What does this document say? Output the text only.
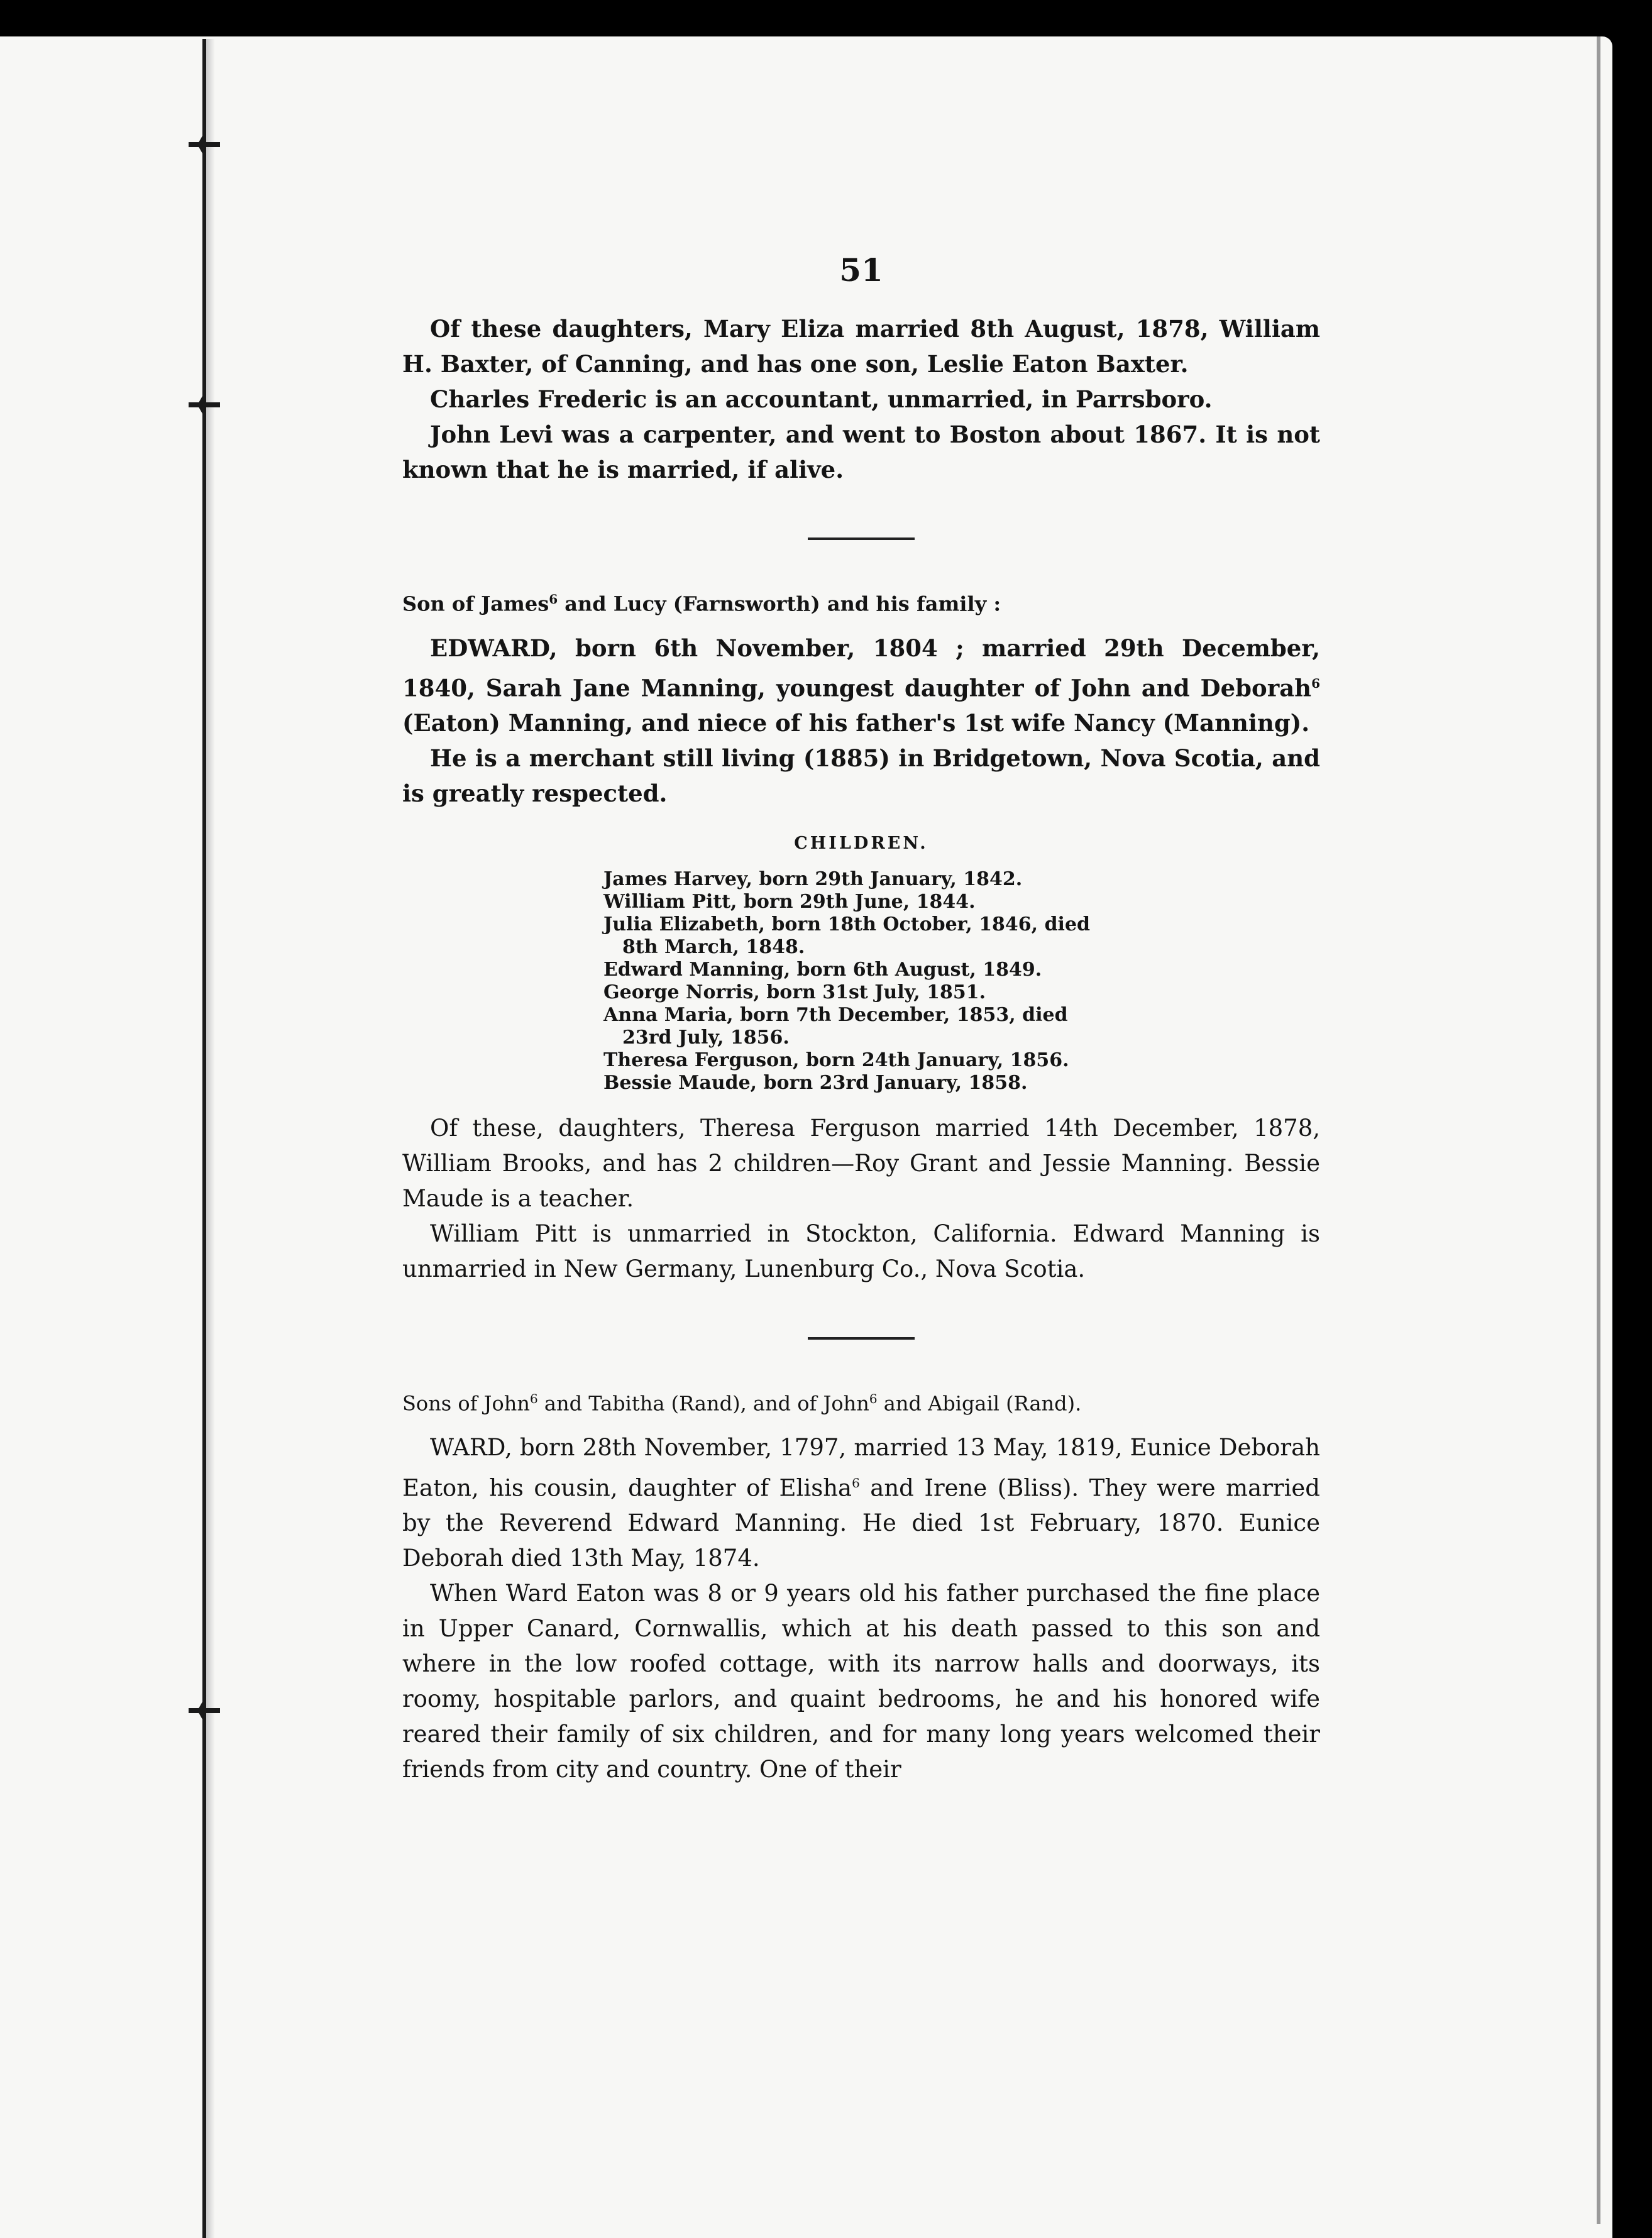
51

Of these daughters, Mary Eliza married 8th August, 1878, William H. Baxter, of Canning, and has one son, Leslie Eaton Baxter.

Charles Frederic is an accountant, unmarried, in Parrsboro.

John Levi was a carpenter, and went to Boston about 1867. It is not known that he is married, if alive.

Son of James$^6$ and Lucy (Farnsworth) and his family :

EDWARD, born 6th November, 1804 ; married 29th December, 1840, Sarah Jane Manning, youngest daughter of John and Deborah$^6$ (Eaton) Manning, and niece of his father's 1st wife Nancy (Manning).

He is a merchant still living (1885) in Bridgetown, Nova Scotia, and is greatly respected.

CHILDREN.
James Harvey, born 29th January, 1842.
William Pitt, born 29th June, 1844.
Julia Elizabeth, born 18th October, 1846, died 8th March, 1848.
Edward Manning, born 6th August, 1849.
George Norris, born 31st July, 1851.
Anna Maria, born 7th December, 1853, died 23rd July, 1856.
Theresa Ferguson, born 24th January, 1856.
Bessie Maude, born 23rd January, 1858.

Of these, daughters, Theresa Ferguson married 14th December, 1878, William Brooks, and has 2 children—Roy Grant and Jessie Manning. Bessie Maude is a teacher.

William Pitt is unmarried in Stockton, California. Edward Manning is unmarried in New Germany, Lunenburg Co., Nova Scotia.

Sons of John$^6$ and Tabitha (Rand), and of John$^6$ and Abigail (Rand).

WARD, born 28th November, 1797, married 13 May, 1819, Eunice Deborah Eaton, his cousin, daughter of Elisha$^6$ and Irene (Bliss). They were married by the Reverend Edward Manning. He died 1st February, 1870. Eunice Deborah died 13th May, 1874.

When Ward Eaton was 8 or 9 years old his father purchased the fine place in Upper Canard, Cornwallis, which at his death passed to this son and where in the low roofed cottage, with its narrow halls and doorways, its roomy, hospitable parlors, and quaint bedrooms, he and his honored wife reared their family of six children, and for many long years welcomed their friends from city and country. One of their
